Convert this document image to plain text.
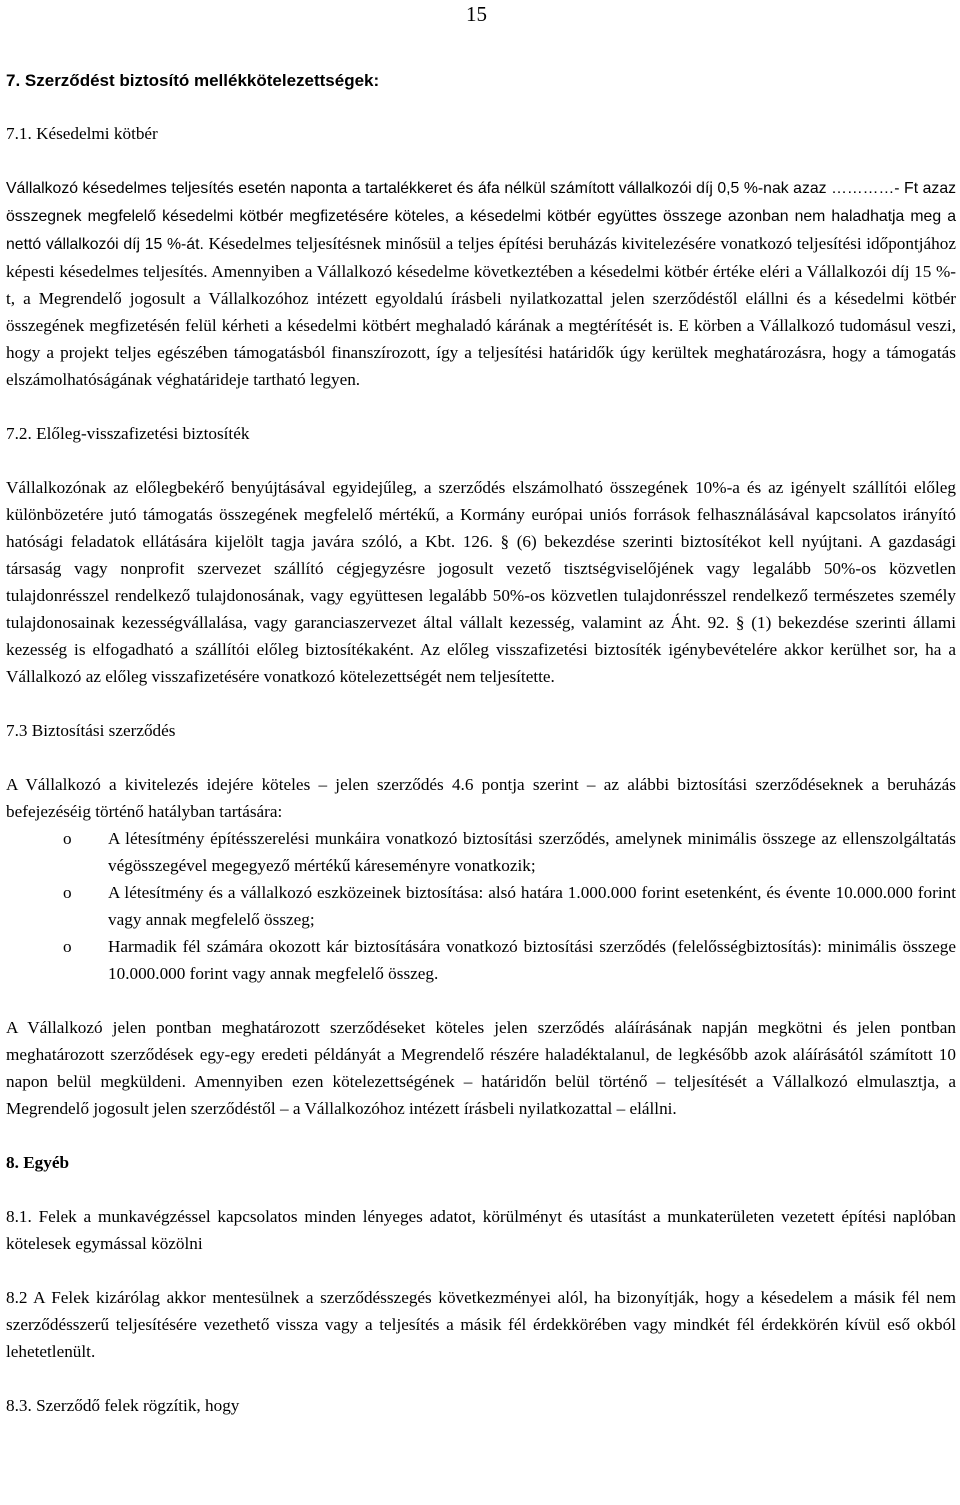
15
7. Szerződést biztosító mellékkötelezettségek:
7.1. Késedelmi kötbér

Vállalkozó késedelmes teljesítés esetén naponta a tartalékkeret és áfa nélkül számított vállalkozói díj 0,5 %-nak azaz …………- Ft azaz összegnek megfelelő késedelmi kötbér megfizetésére köteles, a késedelmi kötbér együttes összege azonban nem haladhatja meg a nettó vállalkozói díj 15 %-át. Késedelmes teljesítésnek minősül a teljes építési beruházás kivitelezésére vonatkozó teljesítési időpontjához képesti késedelmes teljesítés. Amennyiben a Vállalkozó késedelme következtében a késedelmi kötbér értéke eléri a Vállalkozói díj 15 %-t, a Megrendelő jogosult a Vállalkozóhoz intézett egyoldalú írásbeli nyilatkozattal jelen szerződéstől elállni és a késedelmi kötbér összegének megfizetésén felül kérheti a késedelmi kötbért meghaladó kárának a megtérítését is. E körben a Vállalkozó tudomásul veszi, hogy a projekt teljes egészében támogatásból finanszírozott, így a teljesítési határidők úgy kerültek meghatározásra, hogy a támogatás elszámolhatóságának véghatárideje tartható legyen.

7.2. Előleg-visszafizetési biztosíték

Vállalkozónak az előlegbekérő benyújtásával egyidejűleg, a szerződés elszámolható összegének 10%-a és az igényelt szállítói előleg különbözetére jutó támogatás összegének megfelelő mértékű, a Kormány európai uniós források felhasználásával kapcsolatos irányító hatósági feladatok ellátására kijelölt tagja javára szóló, a Kbt. 126. § (6) bekezdése szerinti biztosítékot kell nyújtani. A gazdasági társaság vagy nonprofit szervezet szállító cégjegyzésre jogosult vezető tisztségviselőjének vagy legalább 50%-os közvetlen tulajdonrésszel rendelkező tulajdonosának, vagy együttesen legalább 50%-os közvetlen tulajdonrésszel rendelkező természetes személy tulajdonosainak kezességvállalása, vagy garanciaszervezet által vállalt kezesség, valamint az Áht. 92. § (1) bekezdése szerinti állami kezesség is elfogadható a szállítói előleg biztosítékaként. Az előleg visszafizetési biztosíték igénybevételére akkor kerülhet sor, ha a Vállalkozó az előleg visszafizetésére vonatkozó kötelezettségét nem teljesítette.

7.3 Biztosítási szerződés

A Vállalkozó a kivitelezés idejére köteles – jelen szerződés 4.6 pontja szerint – az alábbi biztosítási szerződéseknek a beruházás befejezéséig történő hatályban tartására:

o A létesítmény építésszerelési munkáira vonatkozó biztosítási szerződés, amelynek minimális összege az ellenszolgáltatás végösszegével megegyező mértékű káreseményre vonatkozik;
o A létesítmény és a vállalkozó eszközeinek biztosítása: alsó határa 1.000.000 forint esetenként, és évente 10.000.000 forint vagy annak megfelelő összeg;
o Harmadik fél számára okozott kár biztosítására vonatkozó biztosítási szerződés (felelősségbiztosítás): minimális összege 10.000.000 forint vagy annak megfelelő összeg.

A Vállalkozó jelen pontban meghatározott szerződéseket köteles jelen szerződés aláírásának napján megkötni és jelen pontban meghatározott szerződések egy-egy eredeti példányát a Megrendelő részére haladéktalanul, de legkésőbb azok aláírásától számított 10 napon belül megküldeni. Amennyiben ezen kötelezettségének – határidőn belül történő – teljesítését a Vállalkozó elmulasztja, a Megrendelő jogosult jelen szerződéstől – a Vállalkozóhoz intézett írásbeli nyilatkozattal – elállni.

8. Egyéb

8.1. Felek a munkavégzéssel kapcsolatos minden lényeges adatot, körülményt és utasítást a munkaterületen vezetett építési naplóban kötelesek egymással közölni

8.2 A Felek kizárólag akkor mentesülnek a szerződésszegés következményei alól, ha bizonyítják, hogy a késedelem a másik fél nem szerződésszerű teljesítésére vezethető vissza vagy a teljesítés a másik fél érdekkörében vagy mindkét fél érdekkörén kívül eső okból lehetetlenült.

8.3. Szerződő felek rögzítik, hogy
